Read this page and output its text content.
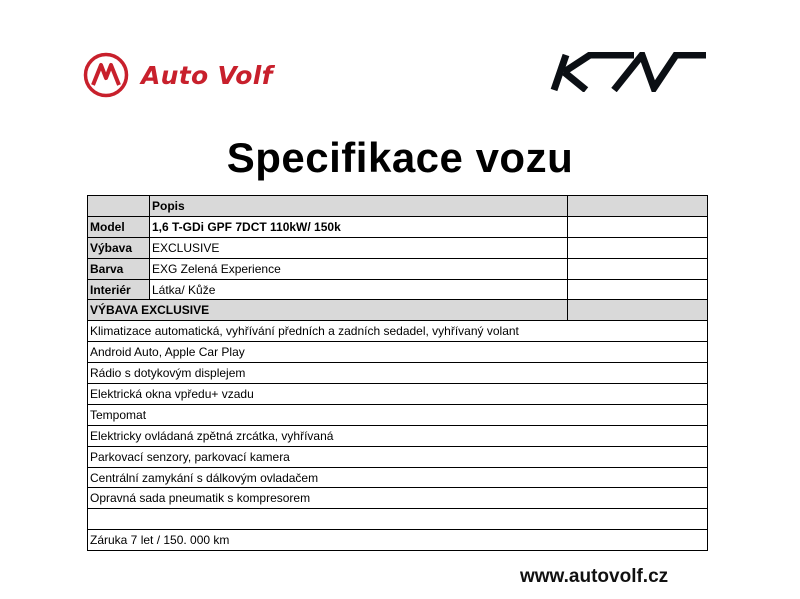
Auto Volf
Specifikace vozu
	Popis	
Model	1,6 T-GDi GPF 7DCT 110kW/ 150k	
Výbava	EXCLUSIVE	
Barva	EXG Zelená Experience	
Interiér	Látka/ Kůže	
VÝBAVA EXCLUSIVE		
Klimatizace automatická, vyhřívání předních a zadních sedadel, vyhřívaný volant		
Android Auto, Apple Car Play		
Rádio s dotykovým displejem		
Elektrická okna vpředu+ vzadu		
Tempomat		
Elektricky ovládaná zpětná zrcátka, vyhřívaná		
Parkovací senzory, parkovací kamera		
Centrální zamykání s dálkovým ovladačem		
Opravná sada pneumatik s kompresorem		

Záruka 7 let / 150. 000 km		
www.autovolf.cz
